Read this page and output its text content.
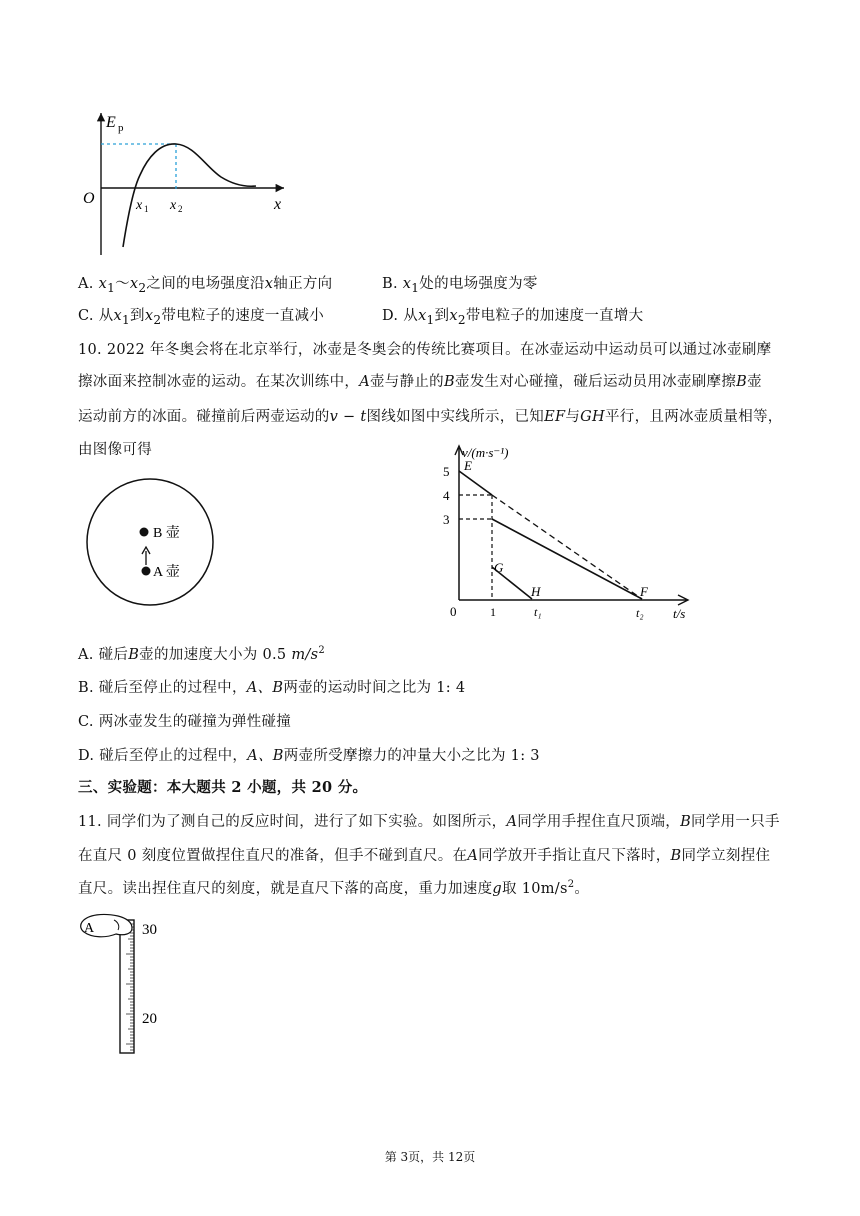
E p
O	x
x 1 x 2
A. $x_1\sim x_2$之间的电场强度沿x轴正方向	B. $x_1$处的电场强度为零
C. 从$x_1$到$x_2$带电粒子的速度一直减小	D. 从$x_1$到$x_2$带电粒子的加速度一直增大
10. 2022 年冬奥会将在北京举行，冰壶是冬奥会的传统比赛项目。在冰壶运动中运动员可以通过冰壶刷摩
擦冰面来控制冰壶的运动。在某次训练中，A壶与静止的B壶发生对心碰撞，碰后运动员用冰壶刷摩擦B壶
运动前方的冰面。碰撞前后两壶运动的v − t图线如图中实线所示，已知EF与GH平行，且两冰壶质量相等，
由图像可得
B 壶
A 壶
v/(m·s⁻¹)
t/s
0
5
4
3
E
G
H	F
1	t₁	t₂
A. 碰后B壶的加速度大小为 0.5 $m/s^2$
B. 碰后至停止的过程中，A、B两壶的运动时间之比为 1: 4
C. 两冰壶发生的碰撞为弹性碰撞
D. 碰后至停止的过程中，A、B两壶所受摩擦力的冲量大小之比为 1: 3
三、实验题：本大题共 2 小题，共 20 分。
11. 同学们为了测自己的反应时间，进行了如下实验。如图所示，A同学用手捏住直尺顶端，B同学用一只手
在直尺 0 刻度位置做捏住直尺的准备，但手不碰到直尺。在A同学放开手指让直尺下落时，B同学立刻捏住
直尺。读出捏住直尺的刻度，就是直尺下落的高度，重力加速度g取 $10m/s^2$。
A	30
20
第 3页，共 12页
